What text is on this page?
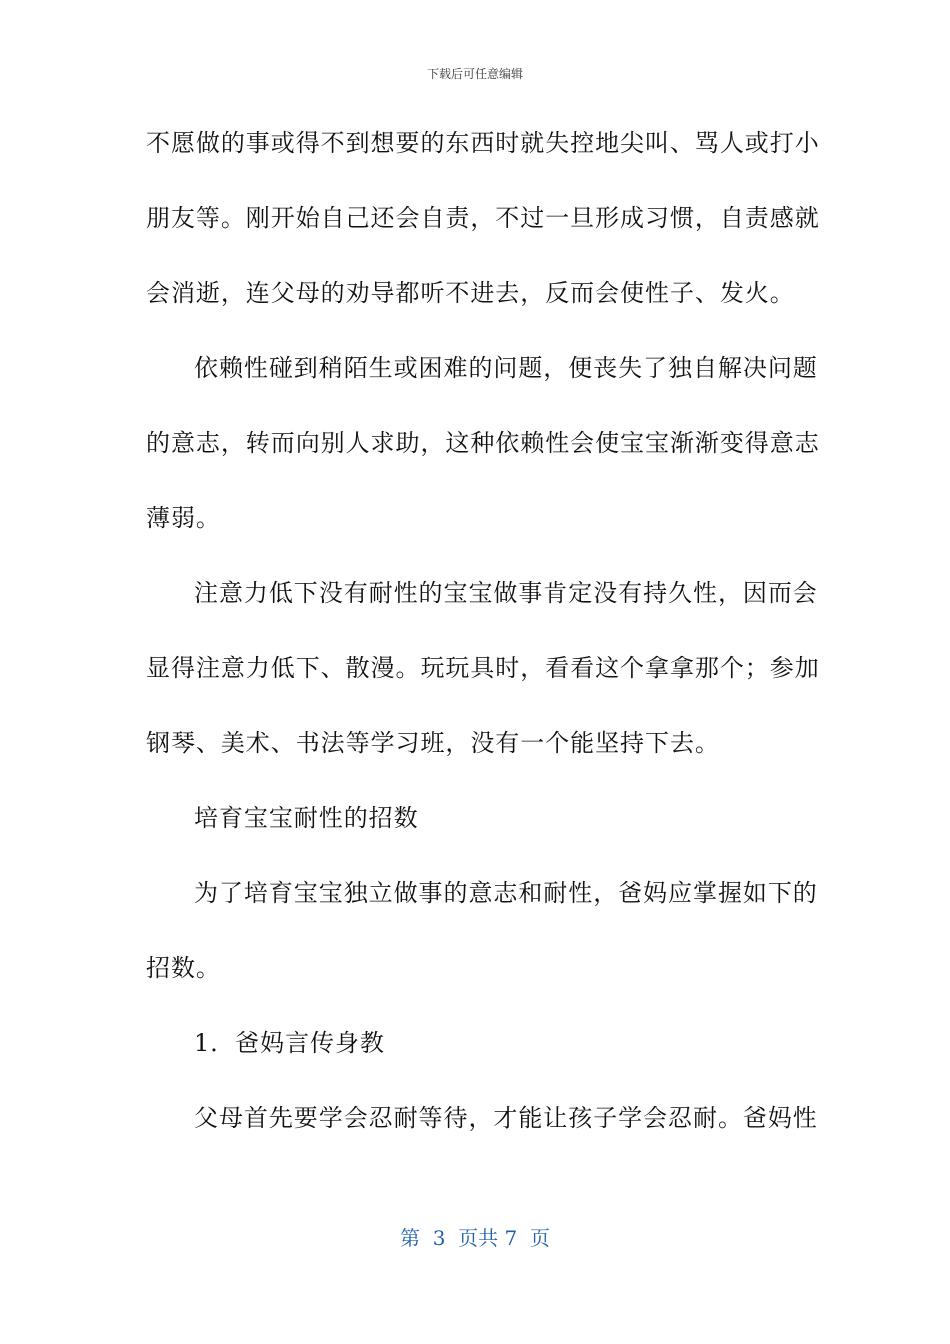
下载后可任意编辑
不愿做的事或得不到想要的东西时就失控地尖叫、骂人或打小
朋友等。刚开始自己还会自责，不过一旦形成习惯，自责感就
会消逝，连父母的劝导都听不进去，反而会使性子、发火。
依赖性碰到稍陌生或困难的问题，便丧失了独自解决问题
的意志，转而向别人求助，这种依赖性会使宝宝渐渐变得意志
薄弱。
注意力低下没有耐性的宝宝做事肯定没有持久性，因而会
显得注意力低下、散漫。玩玩具时，看看这个拿拿那个；参加
钢琴、美术、书法等学习班，没有一个能坚持下去。
培育宝宝耐性的招数
为了培育宝宝独立做事的意志和耐性，爸妈应掌握如下的
招数。
1．爸妈言传身教
父母首先要学会忍耐等待，才能让孩子学会忍耐。爸妈性
第  3  页共 7  页
